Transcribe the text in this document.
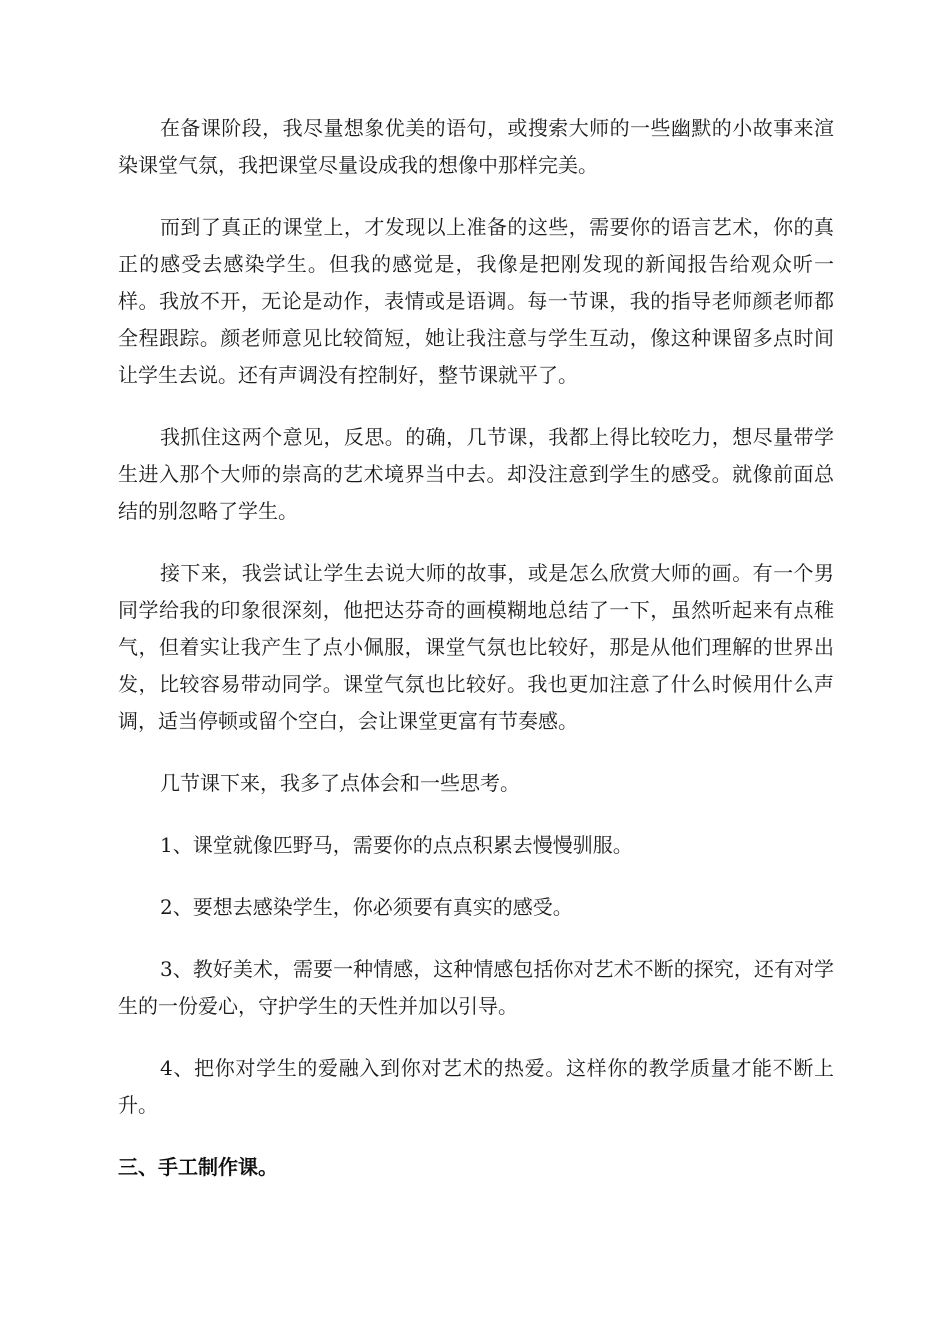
在备课阶段，我尽量想象优美的语句，或搜索大师的一些幽默的小故事来渲染课堂气氛，我把课堂尽量设成我的想像中那样完美。

而到了真正的课堂上，才发现以上准备的这些，需要你的语言艺术，你的真正的感受去感染学生。但我的感觉是，我像是把刚发现的新闻报告给观众听一样。我放不开，无论是动作，表情或是语调。每一节课，我的指导老师颜老师都全程跟踪。颜老师意见比较简短，她让我注意与学生互动，像这种课留多点时间让学生去说。还有声调没有控制好，整节课就平了。

我抓住这两个意见，反思。的确，几节课，我都上得比较吃力，想尽量带学生进入那个大师的崇高的艺术境界当中去。却没注意到学生的感受。就像前面总结的别忽略了学生。

接下来，我尝试让学生去说大师的故事，或是怎么欣赏大师的画。有一个男同学给我的印象很深刻，他把达芬奇的画模糊地总结了一下，虽然听起来有点稚气，但着实让我产生了点小佩服，课堂气氛也比较好，那是从他们理解的世界出发，比较容易带动同学。课堂气氛也比较好。我也更加注意了什么时候用什么声调，适当停顿或留个空白，会让课堂更富有节奏感。

几节课下来，我多了点体会和一些思考。

1、课堂就像匹野马，需要你的点点积累去慢慢驯服。

2、要想去感染学生，你必须要有真实的感受。

3、教好美术，需要一种情感，这种情感包括你对艺术不断的探究，还有对学生的一份爱心，守护学生的天性并加以引导。

4、把你对学生的爱融入到你对艺术的热爱。这样你的教学质量才能不断上升。

三、手工制作课。
